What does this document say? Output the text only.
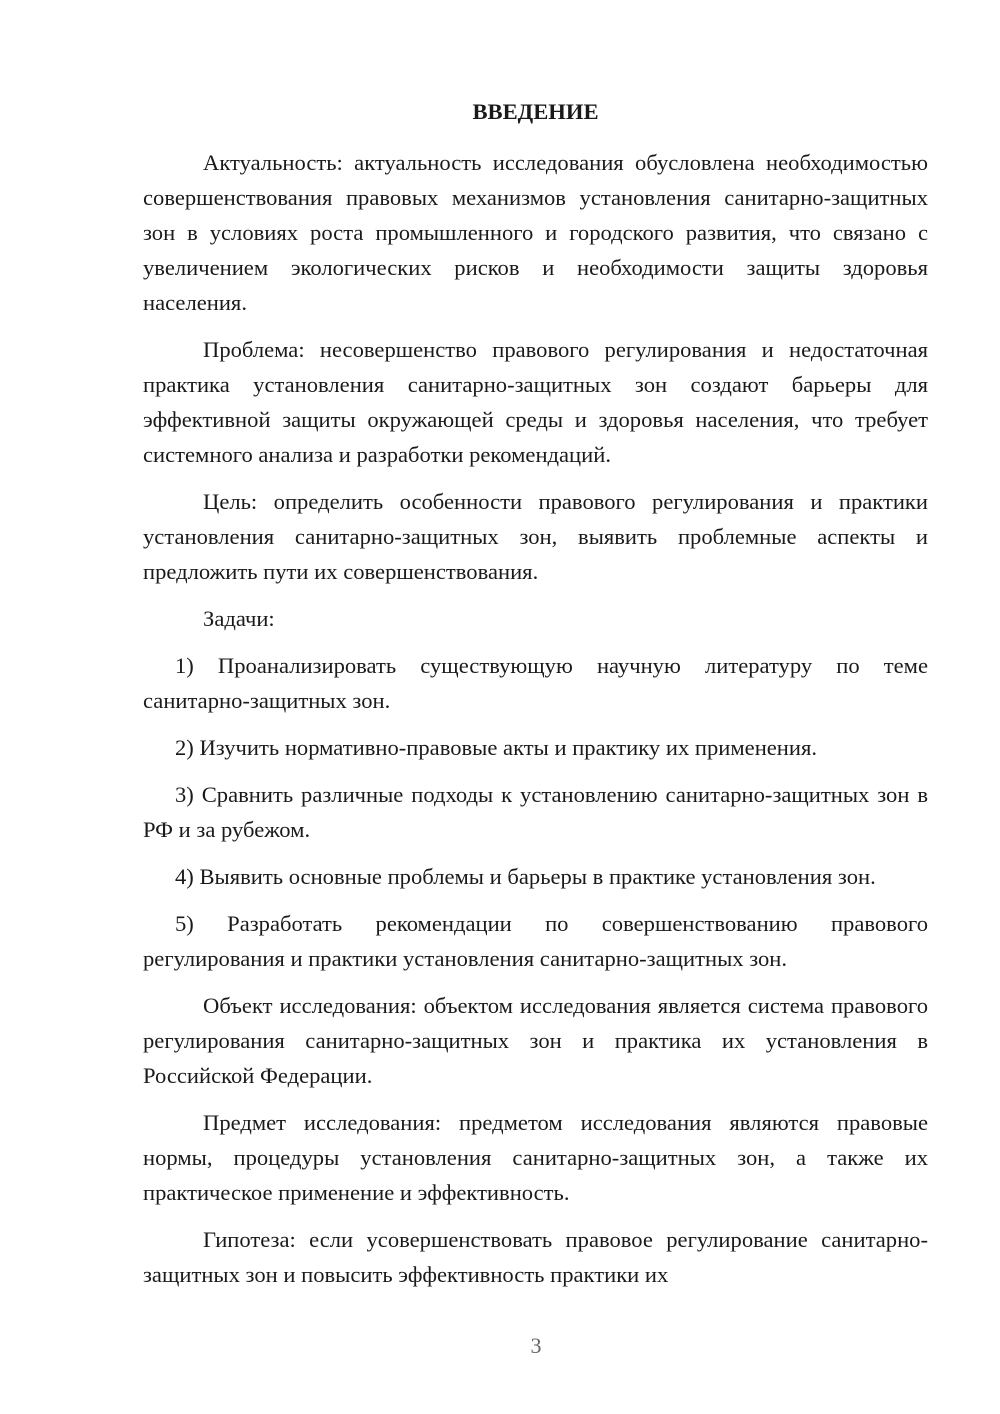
ВВЕДЕНИЕ

Актуальность: актуальность исследования обусловлена необходимостью совершенствования правовых механизмов установления санитарно-защитных зон в условиях роста промышленного и городского развития, что связано с увеличением экологических рисков и необходимости защиты здоровья населения.

Проблема: несовершенство правового регулирования и недостаточная практика установления санитарно-защитных зон создают барьеры для эффективной защиты окружающей среды и здоровья населения, что требует системного анализа и разработки рекомендаций.

Цель: определить особенности правового регулирования и практики установления санитарно-защитных зон, выявить проблемные аспекты и предложить пути их совершенствования.

Задачи:

1) Проанализировать существующую научную литературу по теме санитарно-защитных зон.

2) Изучить нормативно-правовые акты и практику их применения.

3) Сравнить различные подходы к установлению санитарно-защитных зон в РФ и за рубежом.

4) Выявить основные проблемы и барьеры в практике установления зон.

5) Разработать рекомендации по совершенствованию правового регулирования и практики установления санитарно-защитных зон.

Объект исследования: объектом исследования является система правового регулирования санитарно-защитных зон и практика их установления в Российской Федерации.

Предмет исследования: предметом исследования являются правовые нормы, процедуры установления санитарно-защитных зон, а также их практическое применение и эффективность.

Гипотеза: если усовершенствовать правовое регулирование санитарно-защитных зон и повысить эффективность практики их

3
